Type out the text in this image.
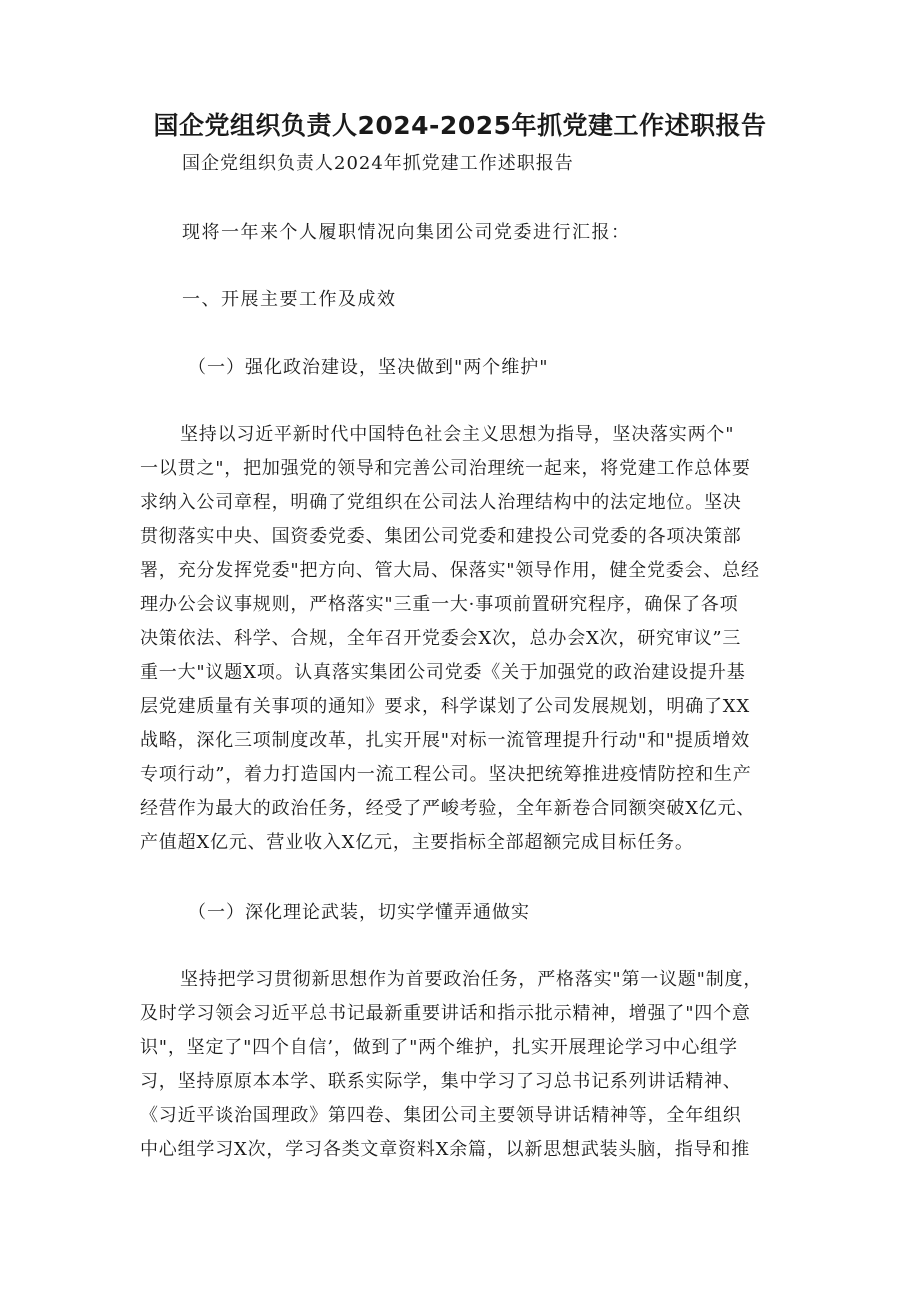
国企党组织负责人2024-2025年抓党建工作述职报告

国企党组织负责人2024年抓党建工作述职报告

现将一年来个人履职情况向集团公司党委进行汇报：

一、开展主要工作及成效

（一）强化政治建设，坚决做到"两个维护"

坚持以习近平新时代中国特色社会主义思想为指导，坚决落实两个"
一以贯之"，把加强党的领导和完善公司治理统一起来，将党建工作总体要
求纳入公司章程，明确了党组织在公司法人治理结构中的法定地位。坚决
贯彻落实中央、国资委党委、集团公司党委和建投公司党委的各项决策部
署，充分发挥党委"把方向、管大局、保落实"领导作用，健全党委会、总经
理办公会议事规则，严格落实"三重一大·事项前置研究程序，确保了各项
决策依法、科学、合规，全年召开党委会X次，总办会X次，研究审议”三
重一大"议题X项。认真落实集团公司党委《关于加强党的政治建设提升基
层党建质量有关事项的通知》要求，科学谋划了公司发展规划，明确了XX
战略，深化三项制度改革，扎实开展"对标一流管理提升行动"和"提质增效
专项行动”，着力打造国内一流工程公司。坚决把统筹推进疫情防控和生产
经营作为最大的政治任务，经受了严峻考验，全年新卷合同额突破X亿元、
产值超X亿元、营业收入X亿元，主要指标全部超额完成目标任务。

（一）深化理论武装，切实学懂弄通做实

坚持把学习贯彻新思想作为首要政治任务，严格落实"第一议题"制度，
及时学习领会习近平总书记最新重要讲话和指示批示精神，增强了"四个意
识"，坚定了"四个自信’，做到了"两个维护，扎实开展理论学习中心组学
习，坚持原原本本学、联系实际学，集中学习了习总书记系列讲话精神、
《习近平谈治国理政》第四卷、集团公司主要领导讲话精神等，全年组织
中心组学习X次，学习各类文章资料X余篇，以新思想武装头脑，指导和推
